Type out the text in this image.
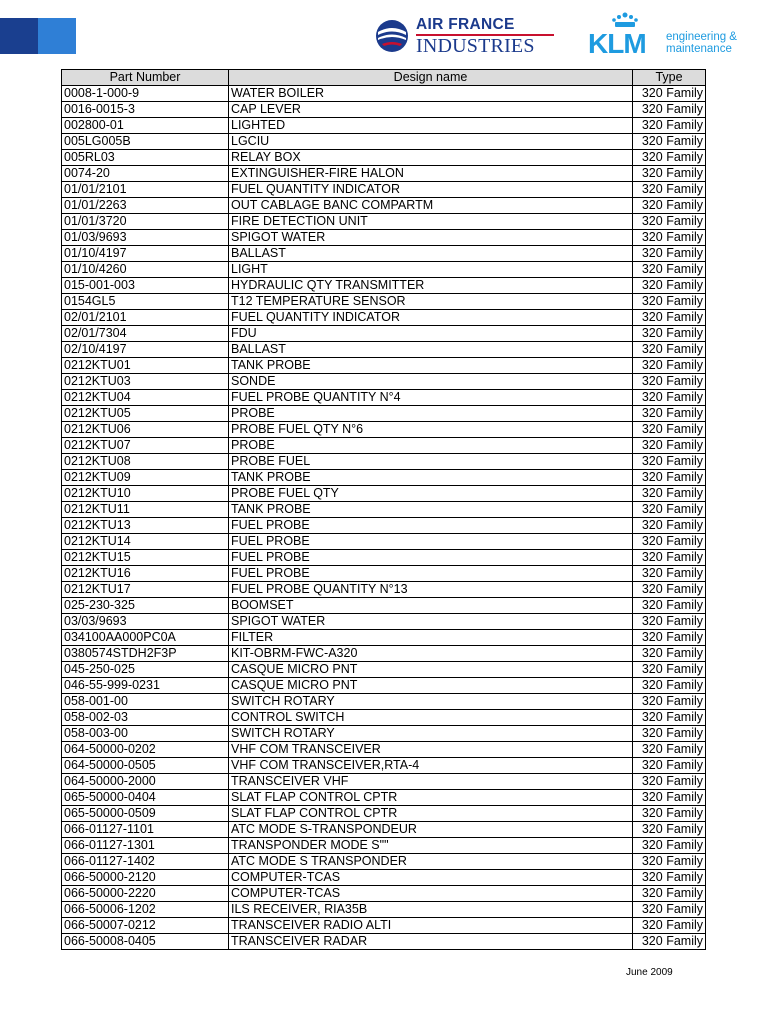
AIR FRANCE
INDUSTRIES KLM engineering &
maintenance
Part Number	Design name	Type
0008-1-000-9	WATER BOILER	320 Family
0016-0015-3	CAP LEVER	320 Family
002800-01	LIGHTED	320 Family
005LG005B	LGCIU	320 Family
005RL03	RELAY BOX	320 Family
0074-20	EXTINGUISHER-FIRE HALON	320 Family
01/01/2101	FUEL QUANTITY INDICATOR	320 Family
01/01/2263	OUT CABLAGE BANC COMPARTM	320 Family
01/01/3720	FIRE DETECTION UNIT	320 Family
01/03/9693	SPIGOT WATER	320 Family
01/10/4197	BALLAST	320 Family
01/10/4260	LIGHT	320 Family
015-001-003	HYDRAULIC QTY TRANSMITTER	320 Family
0154GL5	T12 TEMPERATURE SENSOR	320 Family
02/01/2101	FUEL QUANTITY INDICATOR	320 Family
02/01/7304	FDU	320 Family
02/10/4197	BALLAST	320 Family
0212KTU01	TANK PROBE	320 Family
0212KTU03	SONDE	320 Family
0212KTU04	FUEL PROBE QUANTITY N°4	320 Family
0212KTU05	PROBE	320 Family
0212KTU06	PROBE FUEL QTY N°6	320 Family
0212KTU07	PROBE	320 Family
0212KTU08	PROBE FUEL	320 Family
0212KTU09	TANK PROBE	320 Family
0212KTU10	PROBE FUEL QTY	320 Family
0212KTU11	TANK PROBE	320 Family
0212KTU13	FUEL PROBE	320 Family
0212KTU14	FUEL PROBE	320 Family
0212KTU15	FUEL PROBE	320 Family
0212KTU16	FUEL PROBE	320 Family
0212KTU17	FUEL PROBE QUANTITY N°13	320 Family
025-230-325	BOOMSET	320 Family
03/03/9693	SPIGOT WATER	320 Family
034100AA000PC0A	FILTER	320 Family
0380574STDH2F3P	KIT-OBRM-FWC-A320	320 Family
045-250-025	CASQUE MICRO PNT	320 Family
046-55-999-0231	CASQUE MICRO PNT	320 Family
058-001-00	SWITCH ROTARY	320 Family
058-002-03	CONTROL SWITCH	320 Family
058-003-00	SWITCH ROTARY	320 Family
064-50000-0202	VHF COM TRANSCEIVER	320 Family
064-50000-0505	VHF COM TRANSCEIVER,RTA-4	320 Family
064-50000-2000	TRANSCEIVER VHF	320 Family
065-50000-0404	SLAT FLAP CONTROL CPTR	320 Family
065-50000-0509	SLAT FLAP CONTROL CPTR	320 Family
066-01127-1101	ATC MODE S-TRANSPONDEUR	320 Family
066-01127-1301	TRANSPONDER MODE S""	320 Family
066-01127-1402	ATC MODE S TRANSPONDER	320 Family
066-50000-2120	COMPUTER-TCAS	320 Family
066-50000-2220	COMPUTER-TCAS	320 Family
066-50006-1202	ILS RECEIVER, RIA35B	320 Family
066-50007-0212	TRANSCEIVER RADIO ALTI	320 Family
066-50008-0405	TRANSCEIVER RADAR	320 Family
June 2009
